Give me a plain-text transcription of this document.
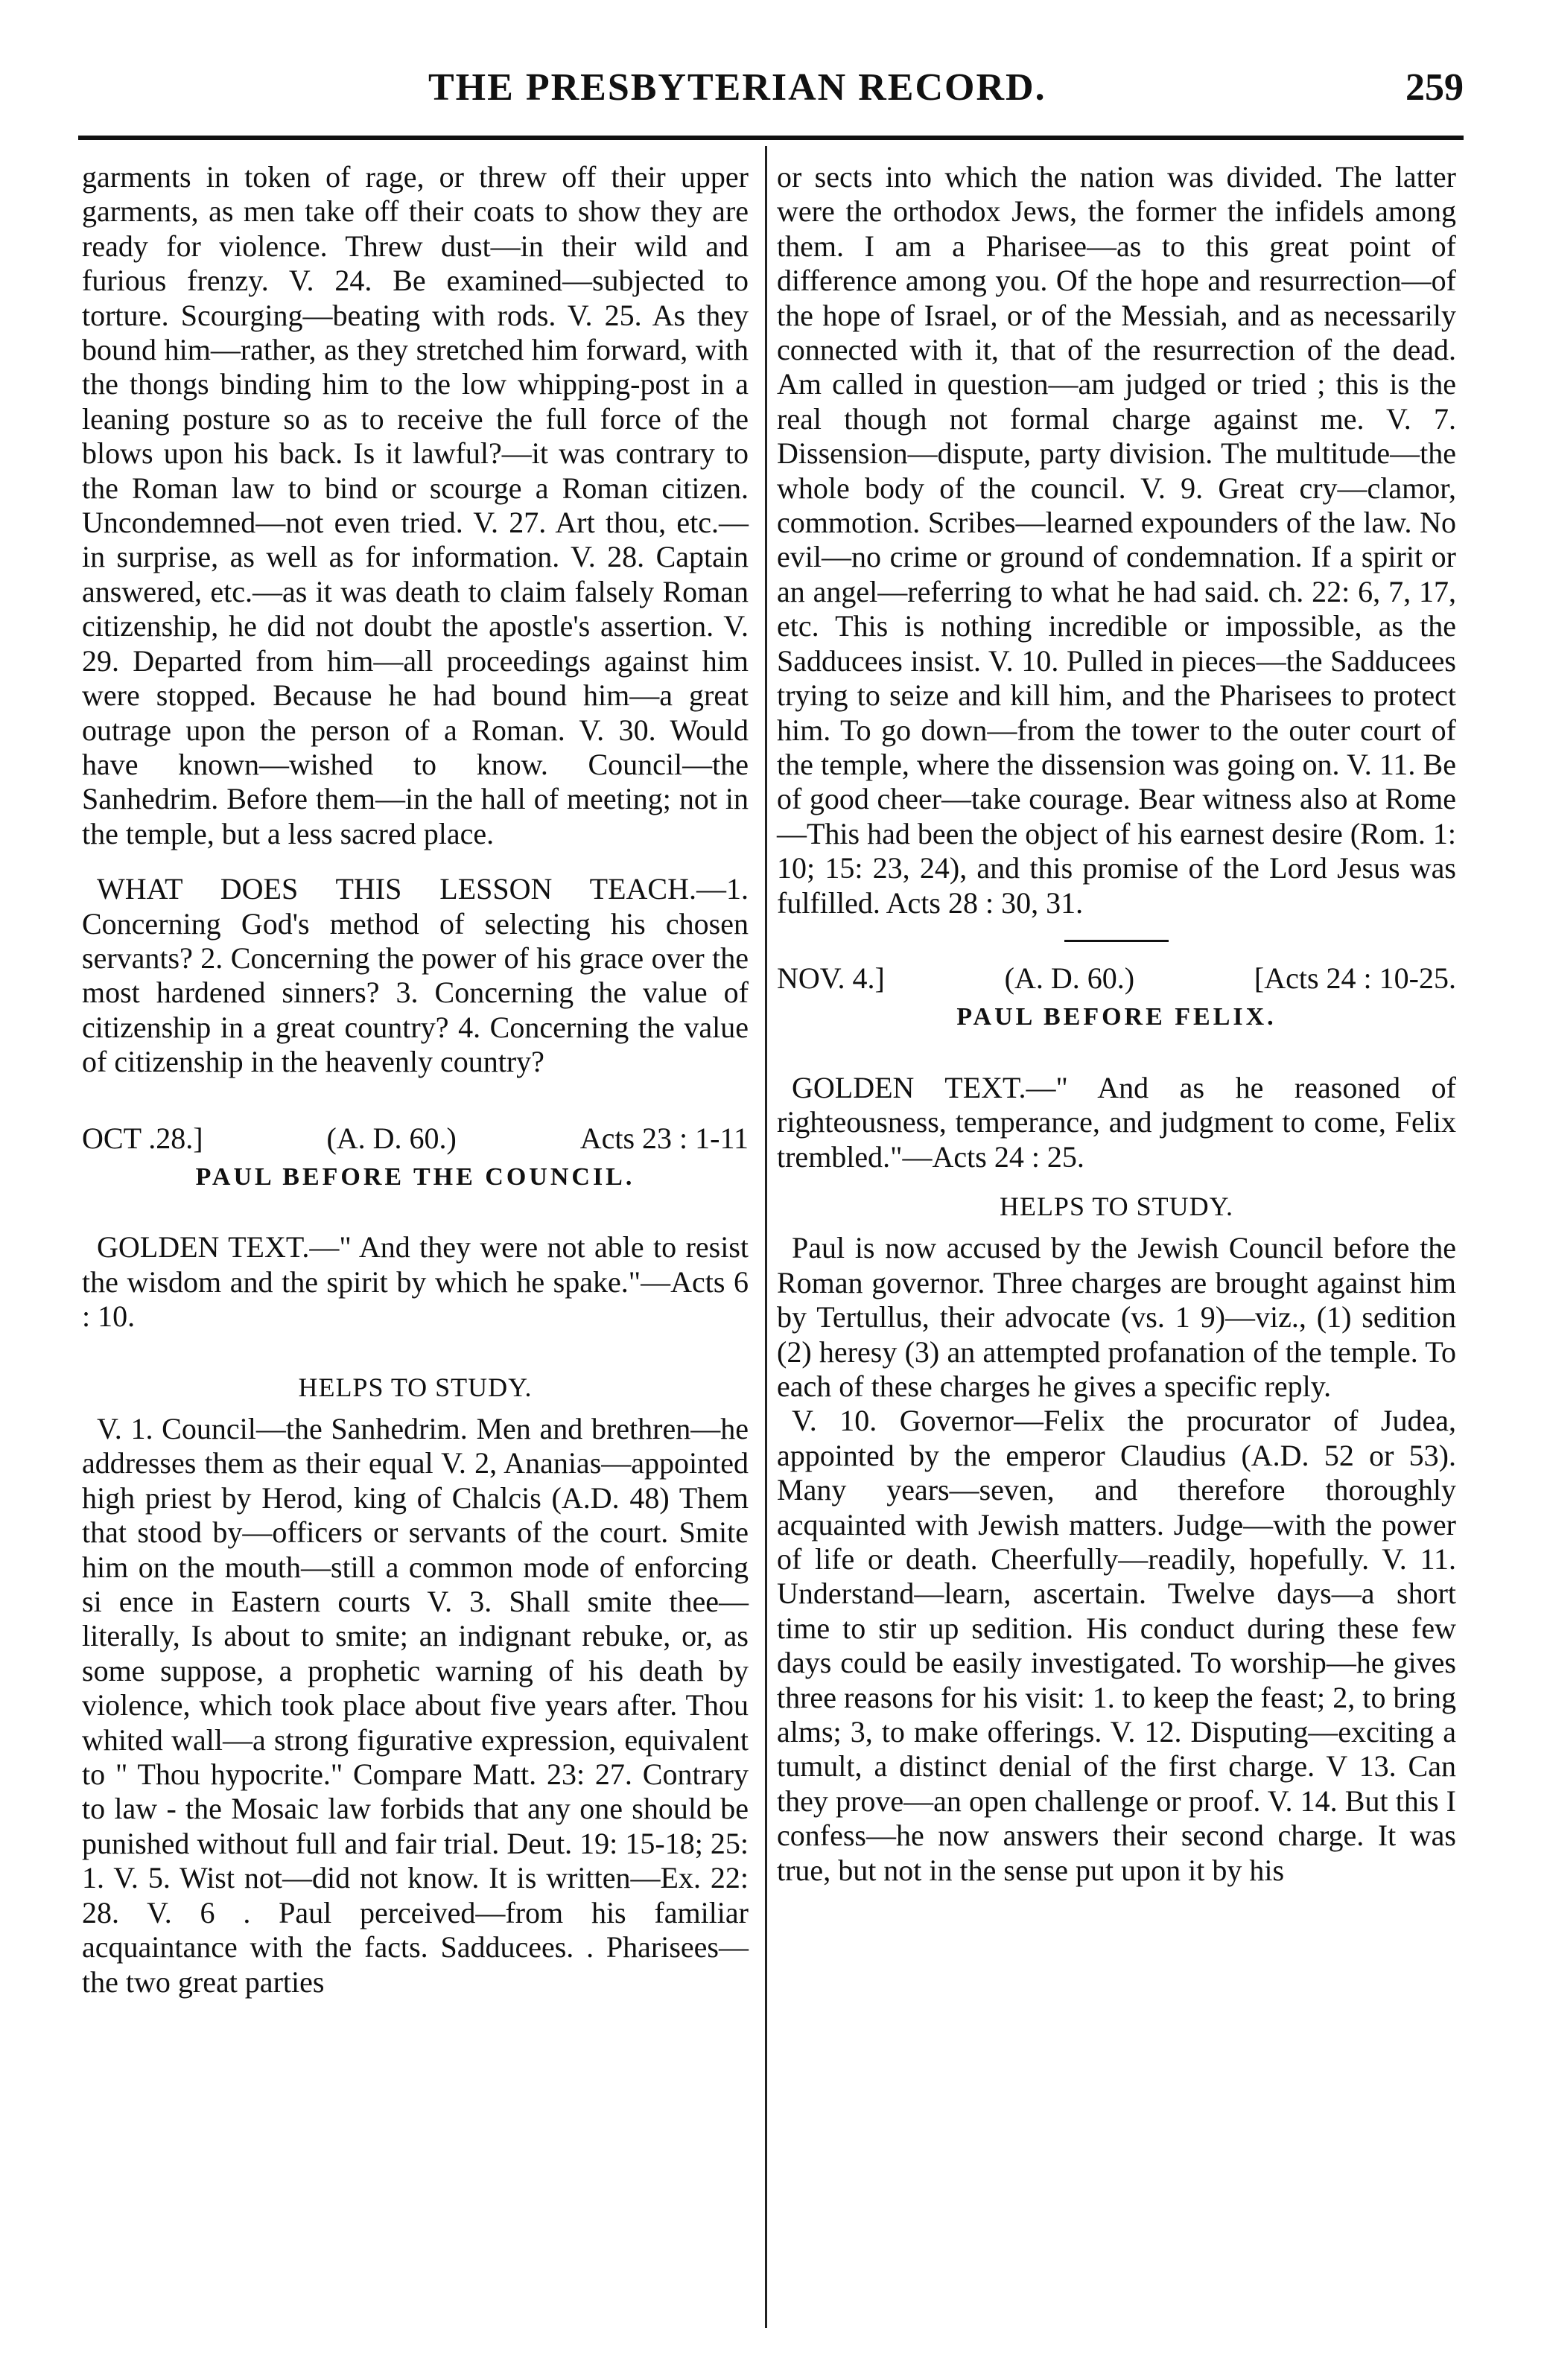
THE PRESBYTERIAN RECORD.	259

garments in token of rage, or threw off their upper garments, as men take off their coats to show they are ready for violence. Threw dust—in their wild and furious frenzy. V. 24. Be examined—subjected to torture. Scourging—beating with rods. V. 25. As they bound him—rather, as they stretched him forward, with the thongs binding him to the low whipping-post in a leaning posture so as to receive the full force of the blows upon his back. Is it lawful?—it was contrary to the Roman law to bind or scourge a Roman citizen. Uncondemned—not even tried. V. 27. Art thou, etc.—in surprise, as well as for information. V. 28. Captain answered, etc.—as it was death to claim falsely Roman citizenship, he did not doubt the apostle's assertion. V. 29. Departed from him—all proceedings against him were stopped. Because he had bound him—a great outrage upon the person of a Roman. V. 30. Would have known—wished to know. Council—the Sanhedrim. Before them—in the hall of meeting; not in the temple, but a less sacred place.

WHAT DOES THIS LESSON TEACH.—1. Concerning God's method of selecting his chosen servants? 2. Concerning the power of his grace over the most hardened sinners? 3. Concerning the value of citizenship in a great country? 4. Concerning the value of citizenship in the heavenly country?

OCT .28.]	(A. D. 60.)	Acts 23 : 1-11
PAUL BEFORE THE COUNCIL.

GOLDEN TEXT.—" And they were not able to resist the wisdom and the spirit by which he spake."—Acts 6 : 10.

HELPS TO STUDY.

V. 1. Council—the Sanhedrim. Men and brethren—he addresses them as their equal V. 2, Ananias—appointed high priest by Herod, king of Chalcis (A.D. 48) Them that stood by—officers or servants of the court. Smite him on the mouth—still a common mode of enforcing si ence in Eastern courts V. 3. Shall smite thee—literally, Is about to smite; an indignant rebuke, or, as some suppose, a prophetic warning of his death by violence, which took place about five years after. Thou whited wall—a strong figurative expression, equivalent to " Thou hypocrite." Compare Matt. 23: 27. Contrary to law - the Mosaic law forbids that any one should be punished without full and fair trial. Deut. 19: 15-18; 25: 1. V. 5. Wist not—did not know. It is written—Ex. 22: 28. V. 6 . Paul perceived—from his familiar acquaintance with the facts. Sadducees. . Pharisees—the two great parties

or sects into which the nation was divided. The latter were the orthodox Jews, the former the infidels among them. I am a Pharisee—as to this great point of difference among you. Of the hope and resurrection—of the hope of Israel, or of the Messiah, and as necessarily connected with it, that of the resurrection of the dead. Am called in question—am judged or tried ; this is the real though not formal charge against me. V. 7. Dissension—dispute, party division. The multitude—the whole body of the council. V. 9. Great cry—clamor, commotion. Scribes—learned expounders of the law. No evil—no crime or ground of condemnation. If a spirit or an angel—referring to what he had said. ch. 22: 6, 7, 17, etc. This is nothing incredible or impossible, as the Sadducees insist. V. 10. Pulled in pieces—the Sadducees trying to seize and kill him, and the Pharisees to protect him. To go down—from the tower to the outer court of the temple, where the dissension was going on. V. 11. Be of good cheer—take courage. Bear witness also at Rome—This had been the object of his earnest desire (Rom. 1: 10; 15: 23, 24), and this promise of the Lord Jesus was fulfilled. Acts 28 : 30, 31.

NOV. 4.]	(A. D. 60.)	[Acts 24 : 10-25.
PAUL BEFORE FELIX.

GOLDEN TEXT.—" And as he reasoned of righteousness, temperance, and judgment to come, Felix trembled."—Acts 24 : 25.

HELPS TO STUDY.

Paul is now accused by the Jewish Council before the Roman governor. Three charges are brought against him by Tertullus, their advocate (vs. 1 9)—viz., (1) sedition (2) heresy (3) an attempted profanation of the temple. To each of these charges he gives a specific reply.

V. 10. Governor—Felix the procurator of Judea, appointed by the emperor Claudius (A.D. 52 or 53). Many years—seven, and therefore thoroughly acquainted with Jewish matters. Judge—with the power of life or death. Cheerfully—readily, hopefully. V. 11. Understand—learn, ascertain. Twelve days—a short time to stir up sedition. His conduct during these few days could be easily investigated. To worship—he gives three reasons for his visit: 1. to keep the feast; 2, to bring alms; 3, to make offerings. V. 12. Disputing—exciting a tumult, a distinct denial of the first charge. V 13. Can they prove—an open challenge or proof. V. 14. But this I confess—he now answers their second charge. It was true, but not in the sense put upon it by his
